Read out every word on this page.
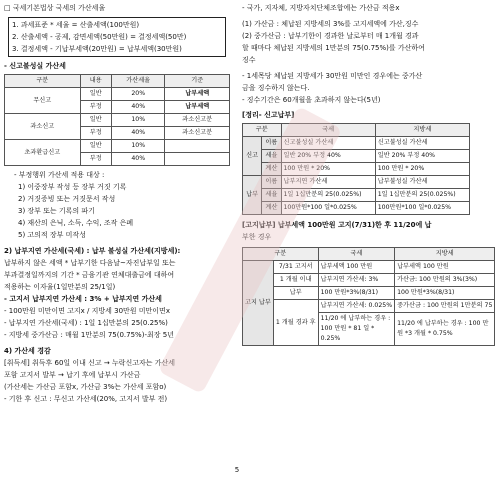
□ 국세기본법상 국세의 가산세율
1. 과세표준 * 세율 = 산출세액(100만원)
2. 산출세액 - 공제, 감면세액(50만원) = 결정세액(50만)
3. 결정세액 - 기납부세액(20만원) = 납부세액(30만원)
- 신고불성실 가산세
구분	내용	가산세율	기준
무신고	일반	20%	납부세액
	부정	40%	납부세액
과소신고	일반	10%	과소신고분
	부정	40%	과소신고분
초과환급신고	일반	10%	
	부정	40%	
- 부정행위 가산세 적용 대상 :
1) 이중장부 작성 등 장부 거짓 기록
2) 거짓증빙 또는 거짓문서 작성
3) 장부 또는 기록의 파기
4) 재산의 은닉, 소득, 수익, 조작 은폐
5) 고의적 장부 미작성
2) 납부지연 가산세(국세) : 납부 불성실 가산세(지방세):
납부하지 않은 세액 * 납부기한 다음날~자진납부일 또는
부과결정일까지의 기간 * 금융기관 연체대출금에 대하여
적용하는 이자율(1일만분의 25/1일)
- 고지서 납부지연 가산세 : 3% + 납부지연 가산세
- 100만원 미만이면 고지x / 지방세 30만원 미만이면x
- 납부지연 가산세(국세) : 1일 1십만분의 25(0.25%)
- 지방세 중가산금 : 매월 1만분의 75(0.75%)-최장 5년
4) 가산세 경감
[취득세] 취득후 60일 이내 신고 → 누락신고자는 가산세
포함 고지서 발부 → 납기 후에 납부시 가산금
(가산세는 가산금 포함x, 가산금 3%는 가산세 포함o)
- 기한 후 신고 : 무신고 가산세(20%, 고지서 발부 전)
- 국가, 지자체, 지방자치단체조합에는 가산금 적용x
(1) 가산금 : 체납된 지방세의 3%를 고지세액에 가산,징수
(2) 중가산금 : 납부기한이 경과한 날로부터 매 1개월 경과
할 때마다 체납된 지방세의 1만분의 75(0.75%)를 가산하여
징수
- 1세목당 체납된 지방세가 30만원 미만인 경우에는 중가산
금을 징수하지 않는다.
- 징수기간은 60개월을 초과하지 않는다(5년)
[정리- 신고납부]
구분		국세	지방세
신고	이름	신고불성실 가산세	신고불성실 가산세
	세율	일반 20% 부정 40%	일반 20% 부정 40%
	계산	100 만원 * 20%	100 만원 * 20%
납부	이름	납부지연 가산세	납부불성실 가산세
	세율	1일 1십만분의 25(0.025%)	1일 1십만분의 25(0.025%)
	계산	100만원*100 일*0.025%	100만원*100 일*0.025%
[고지납부] 납부세액 100만원 고지(7/31)한 후 11/20에 납
부한 경우
구분		국세	지방세
고지 납부	7/31 고지서	납부세액 100 만원	납부세액 100 만원
	1 개월 이내	납부지연 가산세: 3%	가산금: 100 만원의 3%(3%)
	납부	100 만원*3%(8/31)	100 만원*3%(8/31)
	1 개월 경과 후	납부지연 가산세: 0.025%	중가산금 : 100 만원의 1만분의 75
		11/20 에 납부하는 경우 : 100 만원 * 81 일 * 0.25%	11/20 에 납부하는 경우 : 100 만원 *3 개월 * 0.75%
5
